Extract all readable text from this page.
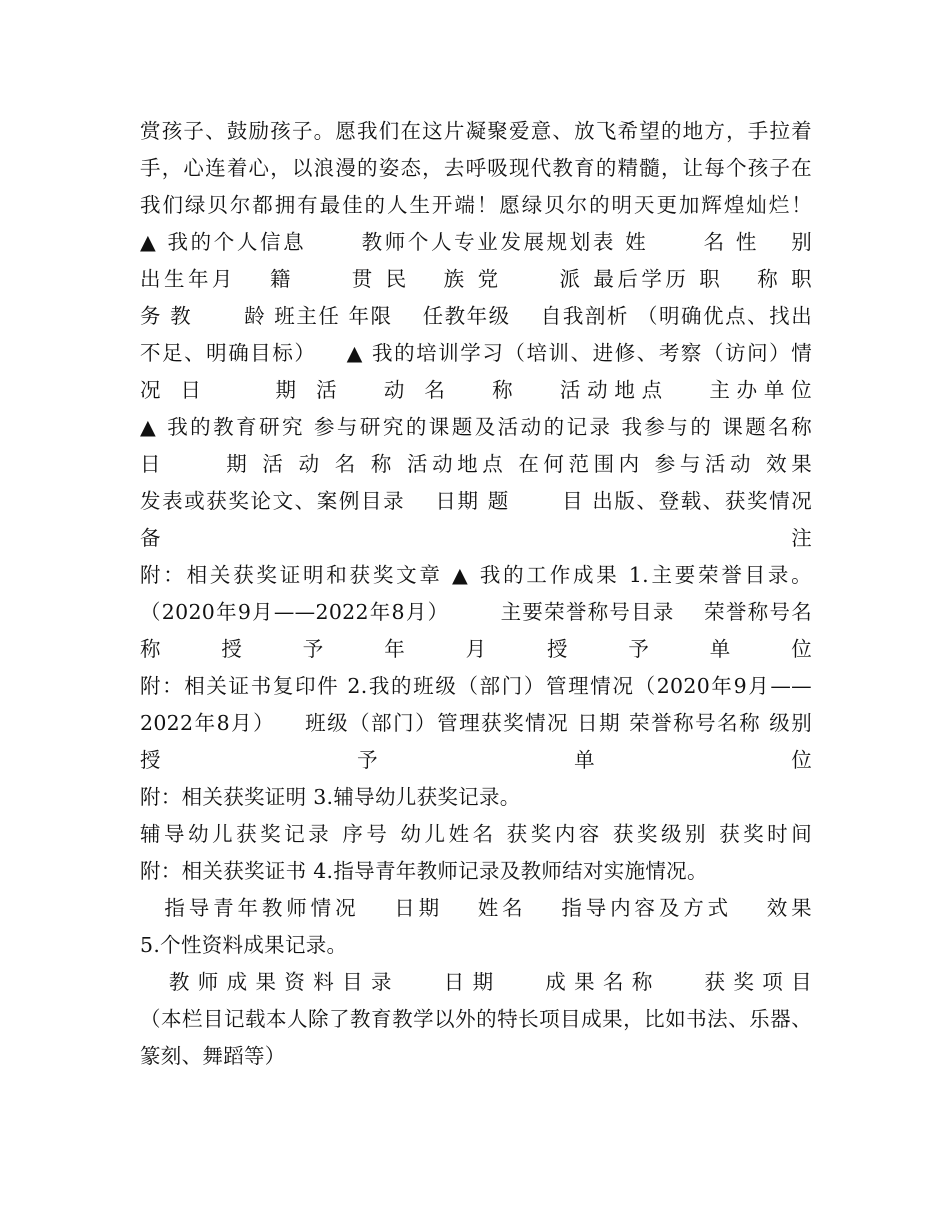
赏孩子、鼓励孩子。愿我们在这片凝聚爱意、放飞希望的地方，手拉着
手，心连着心，以浪漫的姿态，去呼吸现代教育的精髓，让每个孩子在
我们绿贝尔都拥有最佳的人生开端！愿绿贝尔的明天更加辉煌灿烂！
▲ 我的个人信息 　　教师个人专业发展规划表 姓 　　名 性 　别
出生年月 　籍 　　贯 民 　族 党 　　派 最后学历 职 　称 职
务 教 　　龄 班主任 年限 　任教年级 　自我剖析 （明确优点、找出
不足、明确目标） 　▲ 我的培训学习（培训、进修、考察（访问）情
况 日 　　期 活 　动 名 　称 　活动地点 　主办单位
▲ 我的教育研究 参与研究的课题及活动的记录 我参与的 课题名称
日 　　期 活 动 名 称 活动地点 在何范围内 参与活动 效果
发表或获奖论文、案例目录 　日期 题 　　目 出版、登载、获奖情况
备 注
附：相关获奖证明和获奖文章 ▲ 我的工作成果 1.主要荣誉目录。
（2020年9月——2022年8月） 　　主要荣誉称号目录 　荣誉称号名
称 授 予 年 月 授 予 单 位
附：相关证书复印件 2.我的班级（部门）管理情况（2020年9月——
2022年8月） 　班级（部门）管理获奖情况 日期 荣誉称号名称 级别
授 予 单 位
附：相关获奖证明 3.辅导幼儿获奖记录。
辅导幼儿获奖记录 序号 幼儿姓名 获奖内容 获奖级别 获奖时间
附：相关获奖证书 4.指导青年教师记录及教师结对实施情况。
　指导青年教师情况 　日期 　姓名 　指导内容及方式 　效果
5.个性资料成果记录。
　教师成果资料目录 　日期 　成果名称 　获奖项目
（本栏目记载本人除了教育教学以外的特长项目成果，比如书法、乐器、
篆刻、舞蹈等）
